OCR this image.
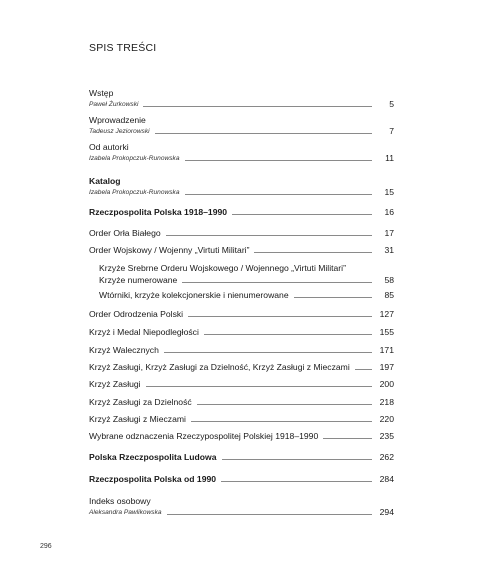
SPIS TREŚCI
Wstęp
Paweł Żurkowski	5
Wprowadzenie
Tadeusz Jeziorowski	7
Od autorki
Izabela Prokopczuk-Runowska	11
Katalog
Izabela Prokopczuk-Runowska	15
Rzeczpospolita Polska 1918–1990	16
Order Orła Białego	17
Order Wojskowy / Wojenny „Virtuti Militari”	31
Krzyże Srebrne Orderu Wojskowego / Wojennego „Virtuti Militari”
Krzyże numerowane	58
Wtórniki, krzyże kolekcjonerskie i nienumerowane	85
Order Odrodzenia Polski	127
Krzyż i Medal Niepodległości	155
Krzyż Walecznych	171
Krzyż Zasługi, Krzyż Zasługi za Dzielność, Krzyż Zasługi z Mieczami	197
Krzyż Zasługi	200
Krzyż Zasługi za Dzielność	218
Krzyż Zasługi z Mieczami	220
Wybrane odznaczenia Rzeczypospolitej Polskiej 1918–1990	235
Polska Rzeczpospolita Ludowa	262
Rzeczpospolita Polska od 1990	284
Indeks osobowy
Aleksandra Pawlikowska	294
296
